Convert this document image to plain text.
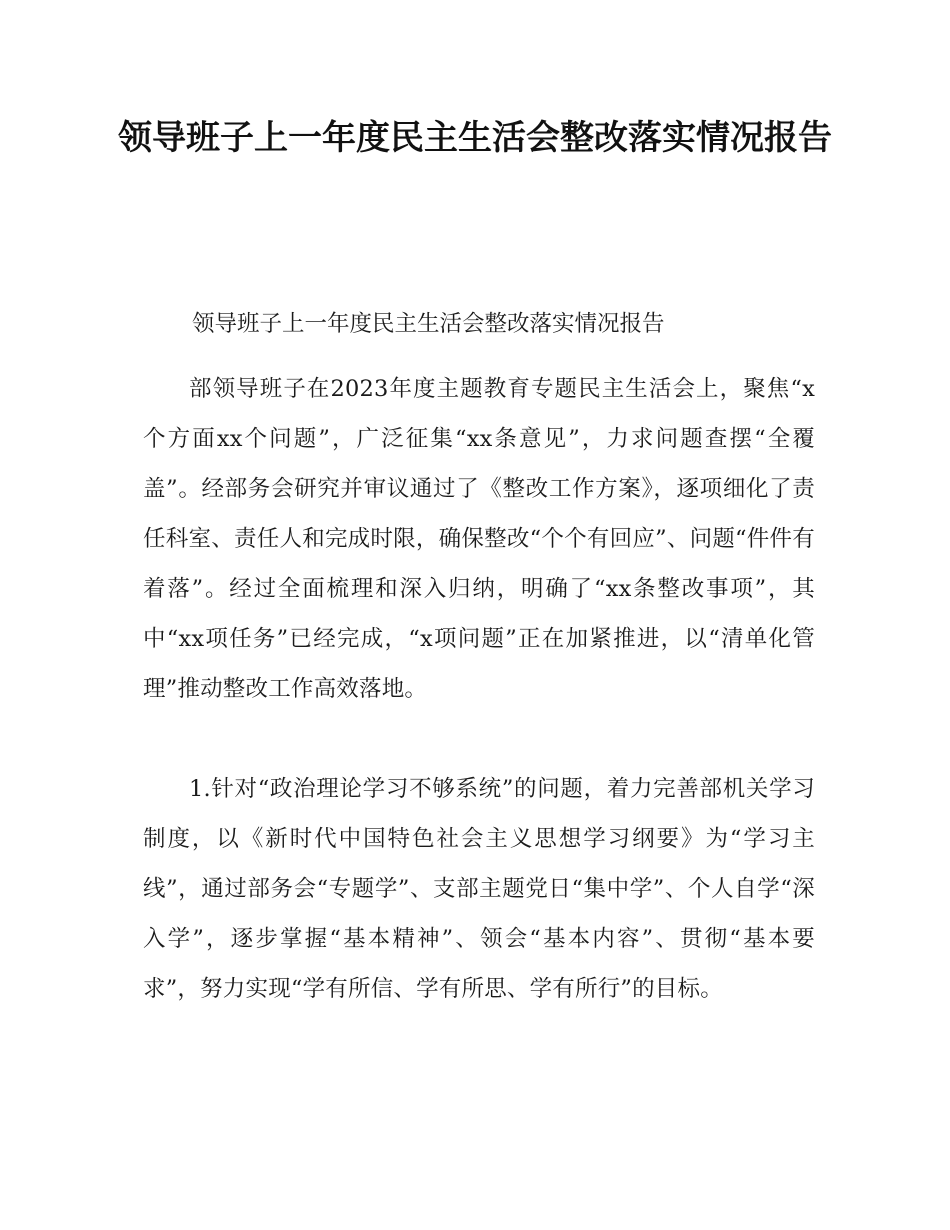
领导班子上一年度民主生活会整改落实情况报告

领导班子上一年度民主生活会整改落实情况报告

部领导班子在2023年度主题教育专题民主生活会上，聚焦“x个方面xx个问题”，广泛征集“xx条意见”，力求问题查摆“全覆盖”。经部务会研究并审议通过了《整改工作方案》，逐项细化了责任科室、责任人和完成时限，确保整改“个个有回应”、问题“件件有着落”。经过全面梳理和深入归纳，明确了“xx条整改事项”，其中“xx项任务”已经完成，“x项问题”正在加紧推进，以“清单化管理”推动整改工作高效落地。

1.针对“政治理论学习不够系统”的问题，着力完善部机关学习制度，以《新时代中国特色社会主义思想学习纲要》为“学习主线”，通过部务会“专题学”、支部主题党日“集中学”、个人自学“深入学”，逐步掌握“基本精神”、领会“基本内容”、贯彻“基本要求”，努力实现“学有所信、学有所思、学有所行”的目标。
